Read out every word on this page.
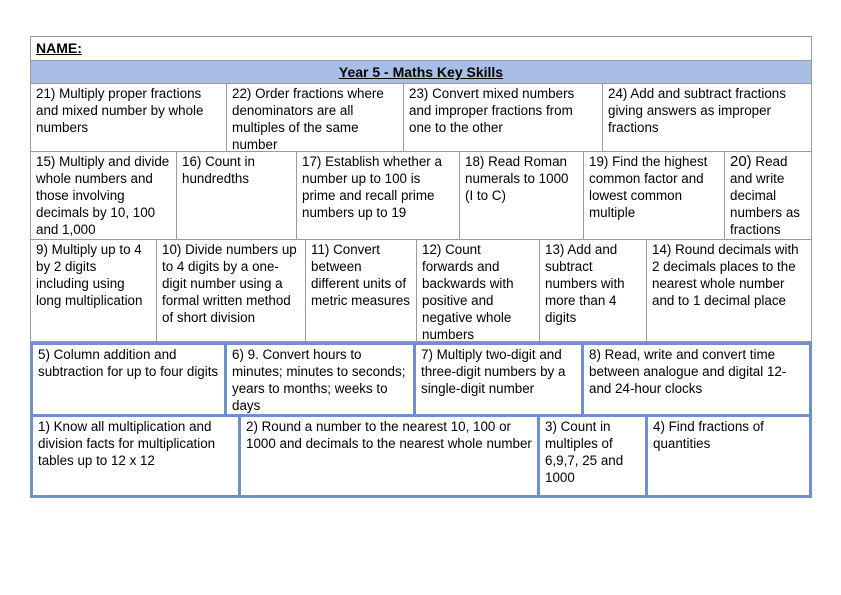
NAME:
Year 5 - Maths Key Skills
21) Multiply proper fractions and mixed number by whole numbers
22) Order fractions where denominators are all multiples of the same number
23) Convert mixed numbers and improper fractions from one to the other
24) Add and subtract fractions giving answers as improper fractions
15) Multiply and divide whole numbers and those involving decimals by 10, 100 and 1,000
16) Count in hundredths
17) Establish whether a number up to 100 is prime and recall prime numbers up to 19
18) Read Roman numerals to 1000 (I to C)
19) Find the highest common factor and lowest common multiple
20) Read and write decimal numbers as fractions
9) Multiply up to 4 by 2 digits including using long multiplication
10) Divide numbers up to 4 digits by a one-digit number using a formal written method of short division
11) Convert between different units of metric measures
12) Count forwards and backwards with positive and negative whole numbers
13) Add and subtract numbers with more than 4 digits
14) Round decimals with 2 decimals places to the nearest whole number and to 1 decimal place
5) Column addition and subtraction for up to four digits
6) 9. Convert hours to minutes; minutes to seconds; years to months; weeks to days
7) Multiply two-digit and three-digit numbers by a single-digit number
8) Read, write and convert time between analogue and digital 12- and 24-hour clocks
1) Know all multiplication and division facts for multiplication tables up to 12 x 12
2) Round a number to the nearest 10, 100 or 1000 and decimals to the nearest whole number
3) Count in multiples of 6,9,7, 25 and 1000
4) Find fractions of quantities
